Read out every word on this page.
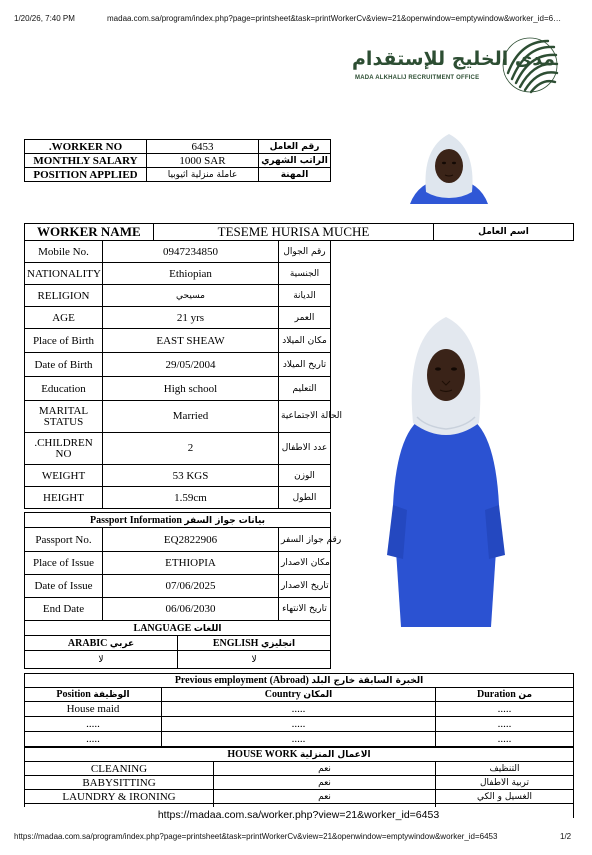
1/20/26, 7:40 PM	madaa.com.sa/program/index.php?page=printsheet&task=printWorkerCv&view=21&openwindow=emptywindow&worker_id=6…
مدى الخليج للإستقدام
MADA ALKHALIJ RECRUITMENT OFFICE
.WORKER NO	6453	رقم العامل
MONTHLY SALARY	1000 SAR	الراتب الشهري
POSITION APPLIED	عاملة منزلية اثيوبيا	المهنة
WORKER NAME	TESEME HURISA MUCHE	اسم العامل
Mobile No.	0947234850	رقم الجوال
NATIONALITY	Ethiopian	الجنسية
RELIGION	مسيحي	الديانة
AGE	21 yrs	العمر
Place of Birth	EAST SHEAW	مكان الميلاد
Date of Birth	29/05/2004	تاريخ الميلاد
Education	High school	التعليم
MARITAL STATUS	Married	الحالة الاجتماعية
.CHILDREN NO	2	عدد الاطفال
WEIGHT	53 KGS	الوزن
HEIGHT	1.59cm	الطول
Passport Information بيانات جواز السفر		
Passport No.	EQ2822906	رقم جواز السفر
Place of Issue	ETHIOPIA	مكان الاصدار
Date of Issue	07/06/2025	تاريخ الاصدار
End Date	06/06/2030	تاريخ الانتهاء
LANGUAGE اللغات	
ARABIC عربي	ENGLISH انجليزي
لا	لا
Previous employment (Abroad) الخبرة السابقة خارج البلد		
Position الوظيفة	Country المكان	Duration من
House maid	.....	.....
.....	.....	.....
.....	.....	.....
HOUSE WORK الاعمال المنزلية		
CLEANING	نعم	التنظيف
BABYSITTING	نعم	تربية الاطفال
LAUNDRY & IRONING	نعم	الغسيل و الكي

https://madaa.com.sa/worker.php?view=21&worker_id=6453
https://madaa.com.sa/program/index.php?page=printsheet&task=printWorkerCv&view=21&openwindow=emptywindow&worker_id=6453	1/2
